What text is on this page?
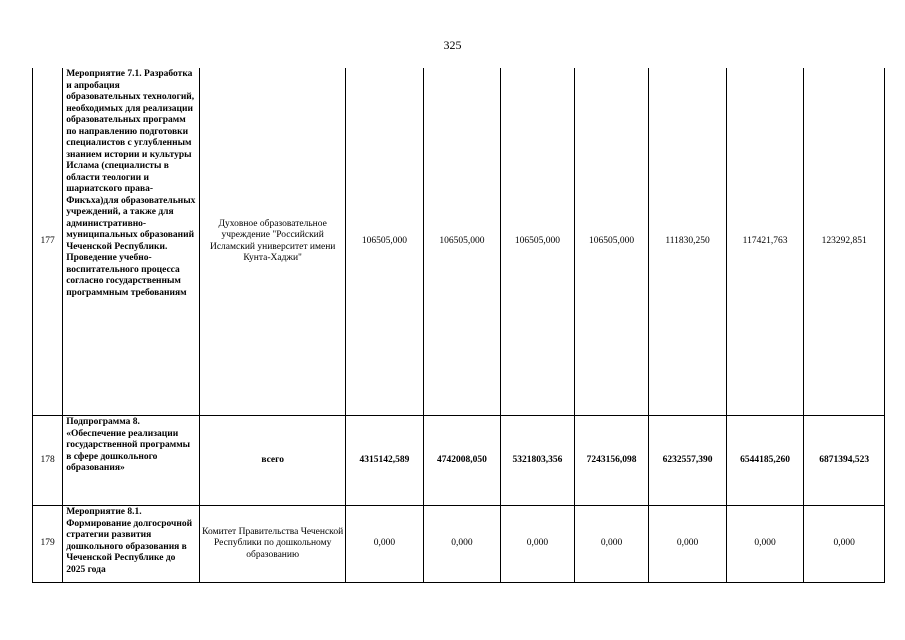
325
177	Мероприятие 7.1. Разработка и апробация образовательных технологий, необходимых для реализации образовательных программ по направлению подготовки специалистов с углубленным знанием истории и культуры Ислама (специалисты в области теологии и шариатского права-Фикъха)для образовательных учреждений, а также для административно-муниципальных образований Чеченской Республики. Проведение учебно-воспитательного процесса согласно государственным программным требованиям	Духовное образовательное учреждение "Российский Исламский университет имени Кунта-Хаджи"	106505,000	106505,000	106505,000	106505,000	111830,250	117421,763	123292,851
178	Подпрограмма 8. «Обеспечение реализации государственной программы в сфере дошкольного образования»	всего	4315142,589	4742008,050	5321803,356	7243156,098	6232557,390	6544185,260	6871394,523
179	Мероприятие 8.1. Формирование долгосрочной стратегии развития дошкольного образования в Чеченской Республике до 2025 года	Комитет Правительства Чеченской Республики по дошкольному образованию	0,000	0,000	0,000	0,000	0,000	0,000	0,000
